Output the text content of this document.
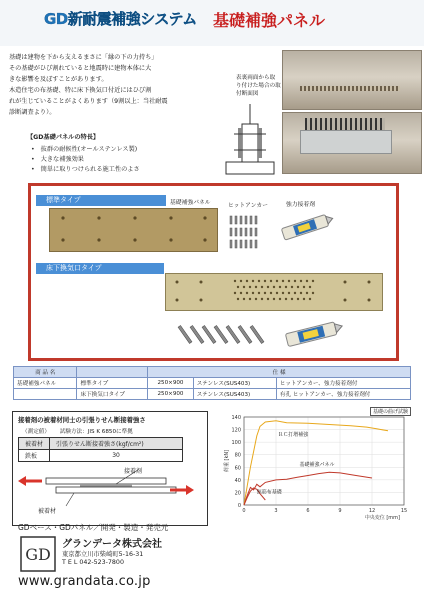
GD新耐震補強システム 基礎補強パネル

基礎は建物を下から支えるまさに「縁の下の力持ち」

その基礎がひび割れていると地震時に建物本体に大

きな影響を及ぼすことがあります。

木造住宅の布基礎、特に床下換気口付近にはひび割

れが生じていることがよくあります（9割以上：当社耐震

診断調査より）。

【GD基礎パネルの特長】

• 抜群の耐候性(オールステンレス製)
• 大きな補強効果
• 簡単に取りつけられる施工性のよさ
表裏両面から取
り付けた場合の取
付断面図
標準タイプ	基礎補強パネル	ヒットアンカー	強力接着剤
床下換気口タイプ
商 品 名		仕 様		
基礎補強パネル	標準タイプ	250×900	ステンレス(SUS403)	ヒットアンカー、強力接着剤付
	床下換気口タイプ	250×900	ステンレス(SUS403)	有孔 ヒットアンカー、強力接着剤付
接着剤の被着材同士の引張りせん断接着強さ
（測定値） 試験方法：JIS K 6850に準拠
被着材	引張りせん断接着強さ(kgf/cm²)
鉄板	30
接着剤
被着材
0
20
40
60
80
100
120
140
0	3	6	9	12	15
中央変位 [mm]
荷重 [kN]
ＲＣ打増補強
基礎補強パネル
無筋布基礎
基礎の曲げ試験
GDベース・GDパネル／開発・製造・発売元
GD
グランデータ株式会社
東京都立川市柴崎町5-16-31
T E L 042-523-7800
www.grandata.co.jp
